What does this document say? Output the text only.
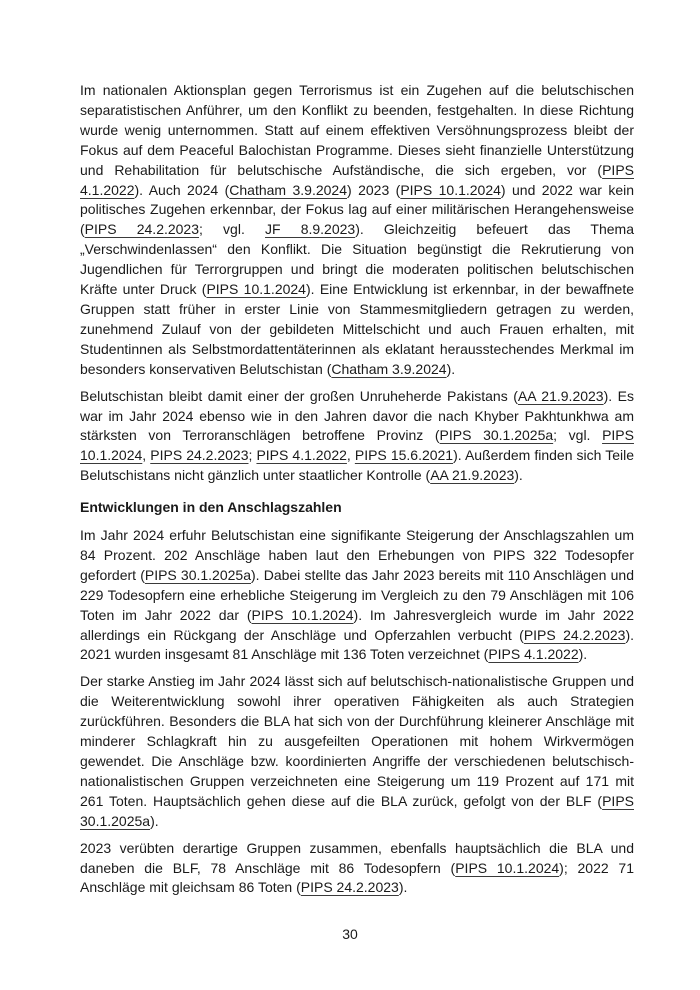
Im nationalen Aktionsplan gegen Terrorismus ist ein Zugehen auf die belutschischen separatistischen Anführer, um den Konflikt zu beenden, festgehalten. In diese Richtung wurde wenig unternommen. Statt auf einem effektiven Versöhnungsprozess bleibt der Fokus auf dem Peaceful Balochistan Programme. Dieses sieht finanzielle Unterstützung und Rehabilitation für belutschische Aufständische, die sich ergeben, vor (PIPS 4.1.2022). Auch 2024 (Chatham 3.9.2024) 2023 (PIPS 10.1.2024) und 2022 war kein politisches Zugehen erkennbar, der Fokus lag auf einer militärischen Herangehensweise (PIPS 24.2.2023; vgl. JF 8.9.2023). Gleichzeitig befeuert das Thema „Verschwindenlassen“ den Konflikt. Die Situation begünstigt die Rekrutierung von Jugendlichen für Terrorgruppen und bringt die moderaten politischen belutschischen Kräfte unter Druck (PIPS 10.1.2024). Eine Entwicklung ist erkennbar, in der bewaffnete Gruppen statt früher in erster Linie von Stammesmitgliedern getragen zu werden, zunehmend Zulauf von der gebildeten Mittelschicht und auch Frauen erhalten, mit Studentinnen als Selbstmordattentäterinnen als eklatant herausstechendes Merkmal im besonders konservativen Belutschistan (Chatham 3.9.2024).

Belutschistan bleibt damit einer der großen Unruheherde Pakistans (AA 21.9.2023). Es war im Jahr 2024 ebenso wie in den Jahren davor die nach Khyber Pakhtunkhwa am stärksten von Terroranschlägen betroffene Provinz (PIPS 30.1.2025a; vgl. PIPS 10.1.2024, PIPS 24.2.2023; PIPS 4.1.2022, PIPS 15.6.2021). Außerdem finden sich Teile Belutschistans nicht gänzlich unter staatlicher Kontrolle (AA 21.9.2023).

Entwicklungen in den Anschlagszahlen

Im Jahr 2024 erfuhr Belutschistan eine signifikante Steigerung der Anschlagszahlen um 84 Prozent. 202 Anschläge haben laut den Erhebungen von PIPS 322 Todesopfer gefordert (PIPS 30.1.2025a). Dabei stellte das Jahr 2023 bereits mit 110 Anschlägen und 229 Todesopfern eine erhebliche Steigerung im Vergleich zu den 79 Anschlägen mit 106 Toten im Jahr 2022 dar (PIPS 10.1.2024). Im Jahresvergleich wurde im Jahr 2022 allerdings ein Rückgang der Anschläge und Opferzahlen verbucht (PIPS 24.2.2023). 2021 wurden insgesamt 81 Anschläge mit 136 Toten verzeichnet (PIPS 4.1.2022).

Der starke Anstieg im Jahr 2024 lässt sich auf belutschisch-nationalistische Gruppen und die Weiterentwicklung sowohl ihrer operativen Fähigkeiten als auch Strategien zurückführen. Besonders die BLA hat sich von der Durchführung kleinerer Anschläge mit minderer Schlagkraft hin zu ausgefeilten Operationen mit hohem Wirkvermögen gewendet. Die Anschläge bzw. koordinierten Angriffe der verschiedenen belutschisch-nationalistischen Gruppen verzeichneten eine Steigerung um 119 Prozent auf 171 mit 261 Toten. Hauptsächlich gehen diese auf die BLA zurück, gefolgt von der BLF (PIPS 30.1.2025a).

2023 verübten derartige Gruppen zusammen, ebenfalls hauptsächlich die BLA und daneben die BLF, 78 Anschläge mit 86 Todesopfern (PIPS 10.1.2024); 2022 71 Anschläge mit gleichsam 86 Toten (PIPS 24.2.2023).

30
